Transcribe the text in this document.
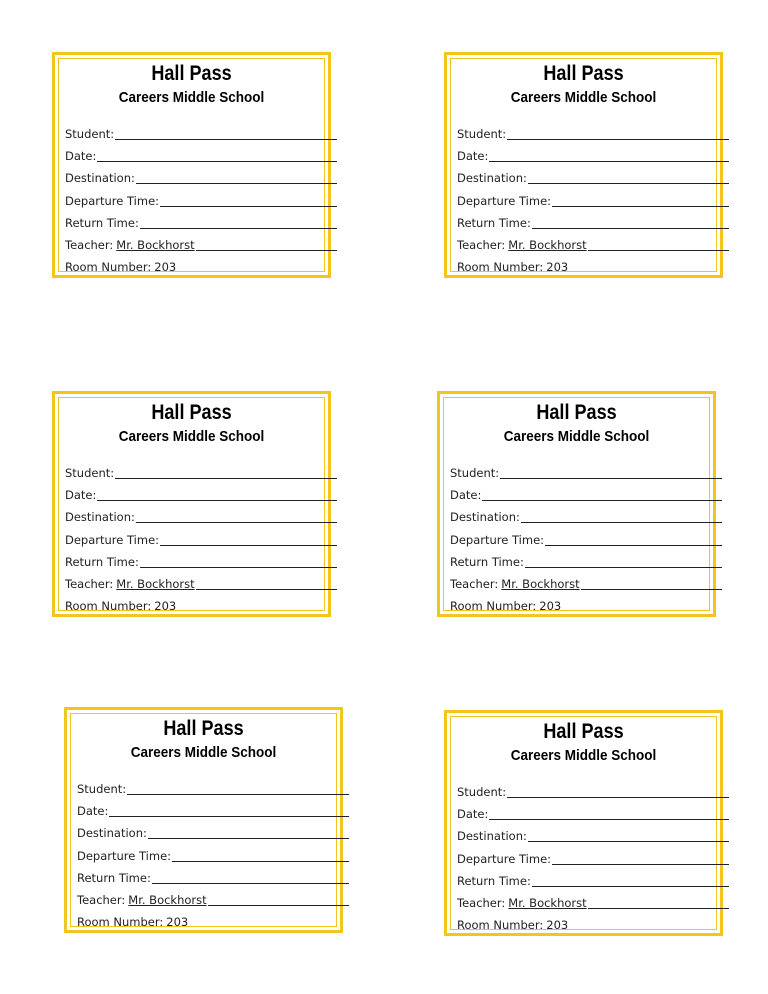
Hall Pass
Careers Middle School
Student:
Date:
Destination:
Departure Time:
Return Time:
Teacher: Mr. Bockhorst
Room Number: 203
Hall Pass
Careers Middle School
Student:
Date:
Destination:
Departure Time:
Return Time:
Teacher: Mr. Bockhorst
Room Number: 203
Hall Pass
Careers Middle School
Student:
Date:
Destination:
Departure Time:
Return Time:
Teacher: Mr. Bockhorst
Room Number: 203
Hall Pass
Careers Middle School
Student:
Date:
Destination:
Departure Time:
Return Time:
Teacher: Mr. Bockhorst
Room Number: 203
Hall Pass
Careers Middle School
Student:
Date:
Destination:
Departure Time:
Return Time:
Teacher: Mr. Bockhorst
Room Number: 203
Hall Pass
Careers Middle School
Student:
Date:
Destination:
Departure Time:
Return Time:
Teacher: Mr. Bockhorst
Room Number: 203
